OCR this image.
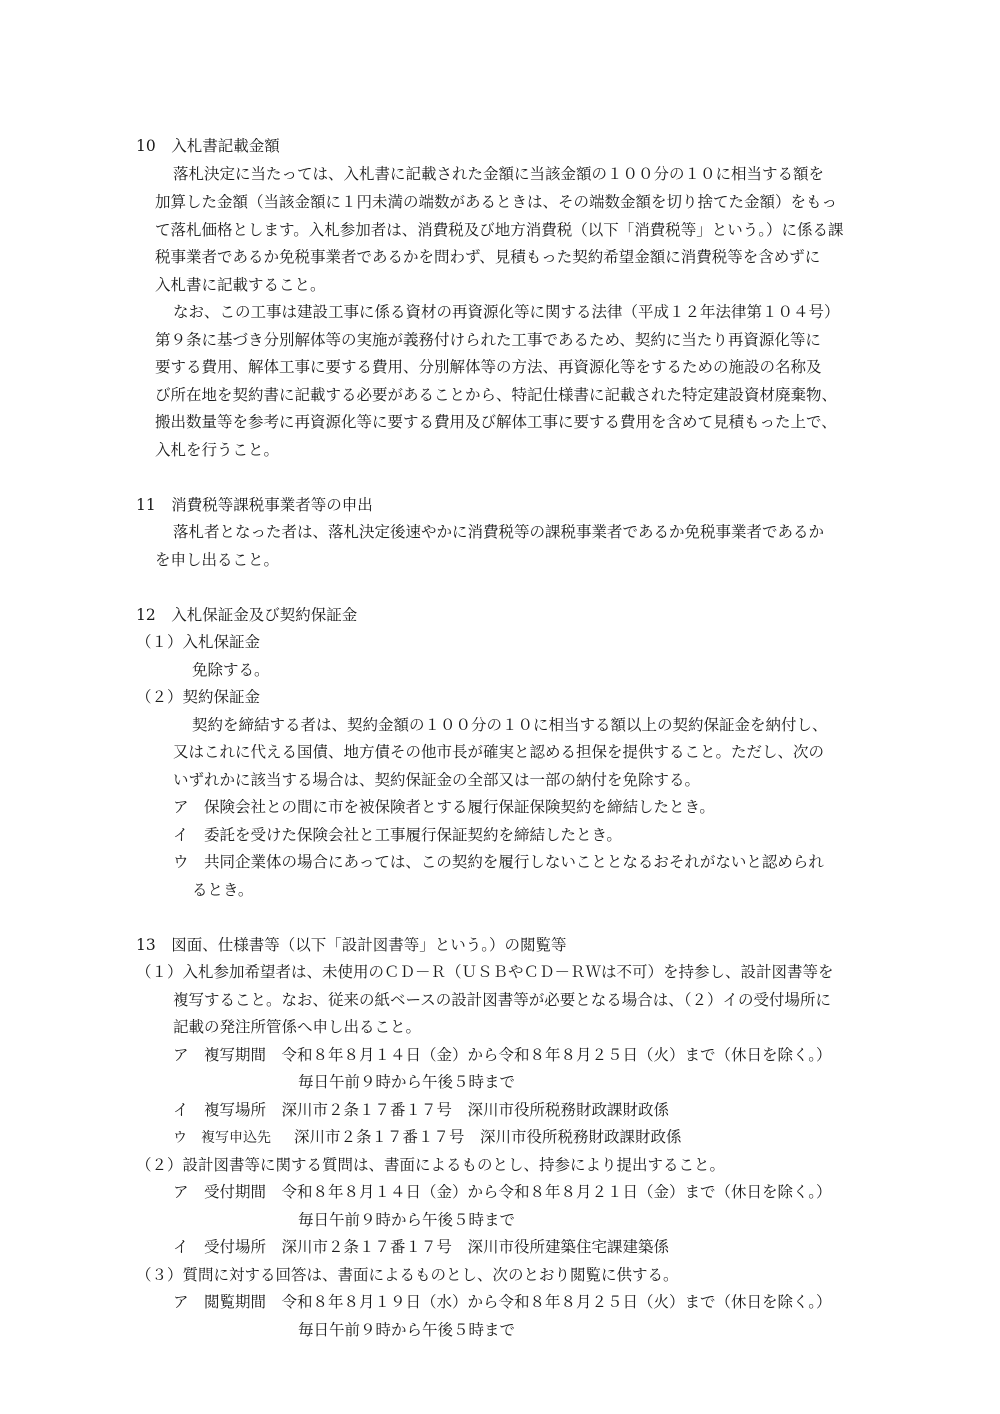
10　入札書記載金額
落札決定に当たっては、入札書に記載された金額に当該金額の１００分の１０に相当する額を
加算した金額（当該金額に１円未満の端数があるときは、その端数金額を切り捨てた金額）をもっ
て落札価格とします。入札参加者は、消費税及び地方消費税（以下「消費税等」という。）に係る課
税事業者であるか免税事業者であるかを問わず、見積もった契約希望金額に消費税等を含めずに
入札書に記載すること。
なお、この工事は建設工事に係る資材の再資源化等に関する法律（平成１２年法律第１０４号）
第９条に基づき分別解体等の実施が義務付けられた工事であるため、契約に当たり再資源化等に
要する費用、解体工事に要する費用、分別解体等の方法、再資源化等をするための施設の名称及
び所在地を契約書に記載する必要があることから、特記仕様書に記載された特定建設資材廃棄物、
搬出数量等を参考に再資源化等に要する費用及び解体工事に要する費用を含めて見積もった上で、
入札を行うこと。
11　消費税等課税事業者等の申出
落札者となった者は、落札決定後速やかに消費税等の課税事業者であるか免税事業者であるか
を申し出ること。
12　入札保証金及び契約保証金
（１）入札保証金
免除する。
（２）契約保証金
契約を締結する者は、契約金額の１００分の１０に相当する額以上の契約保証金を納付し、
又はこれに代える国債、地方債その他市長が確実と認める担保を提供すること。ただし、次の
いずれかに該当する場合は、契約保証金の全部又は一部の納付を免除する。
ア　保険会社との間に市を被保険者とする履行保証保険契約を締結したとき。
イ　委託を受けた保険会社と工事履行保証契約を締結したとき。
ウ　共同企業体の場合にあっては、この契約を履行しないこととなるおそれがないと認められ
るとき。
13　図面、仕様書等（以下「設計図書等」という。）の閲覧等
（１）入札参加希望者は、未使用のＣＤ－Ｒ（ＵＳＢやＣＤ－ＲＷは不可）を持参し、設計図書等を
複写すること。なお、従来の紙ベースの設計図書等が必要となる場合は、（２）イの受付場所に
記載の発注所管係へ申し出ること。
ア　複写期間　令和８年８月１４日（金）から令和８年８月２５日（火）まで（休日を除く。）
毎日午前９時から午後５時まで
イ　複写場所　深川市２条１７番１７号　深川市役所税務財政課財政係
ウ　複写申込先 深川市２条１７番１７号　深川市役所税務財政課財政係
（２）設計図書等に関する質問は、書面によるものとし、持参により提出すること。
ア　受付期間　令和８年８月１４日（金）から令和８年８月２１日（金）まで（休日を除く。）
毎日午前９時から午後５時まで
イ　受付場所　深川市２条１７番１７号　深川市役所建築住宅課建築係
（３）質問に対する回答は、書面によるものとし、次のとおり閲覧に供する。
ア　閲覧期間　令和８年８月１９日（水）から令和８年８月２５日（火）まで（休日を除く。）
毎日午前９時から午後５時まで
